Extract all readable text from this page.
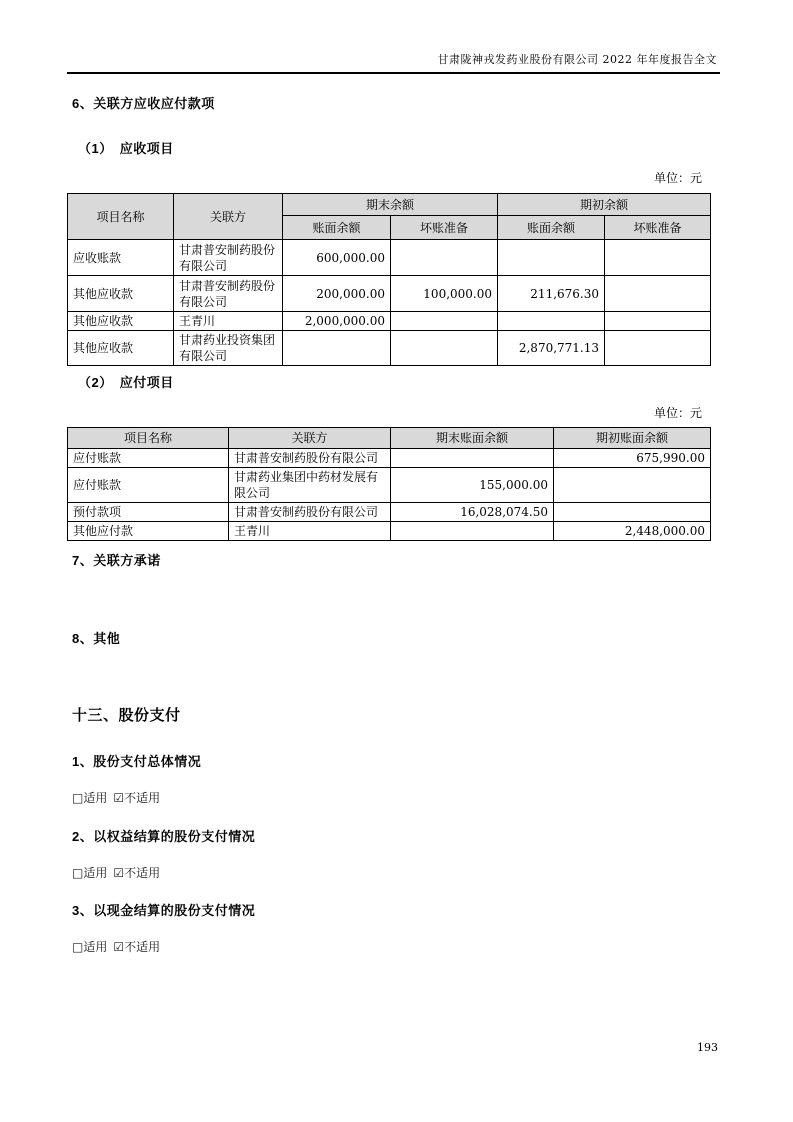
甘肃陇神戎发药业股份有限公司 2022 年年度报告全文
6、关联方应收应付款项
（1）　应收项目
单位：元
项目名称	关联方	期末余额		期初余额	
		账面余额	坏账准备	账面余额	坏账准备
应收账款	甘肃普安制药股份有限公司	600,000.00			
其他应收款	甘肃普安制药股份有限公司	200,000.00	100,000.00	211,676.30	
其他应收款	王青川	2,000,000.00			
其他应收款	甘肃药业投资集团有限公司			2,870,771.13	
（2）　应付项目
单位：元
项目名称	关联方	期末账面余额	期初账面余额
应付账款	甘肃普安制药股份有限公司		675,990.00
应付账款	甘肃药业集团中药材发展有限公司	155,000.00	
预付款项	甘肃普安制药股份有限公司	16,028,074.50	
其他应付款	王青川		2,448,000.00
7、关联方承诺
8、其他
十三、股份支付
1、股份支付总体情况
□适用 ☑不适用
2、以权益结算的股份支付情况
□适用 ☑不适用
3、以现金结算的股份支付情况
□适用 ☑不适用
193
